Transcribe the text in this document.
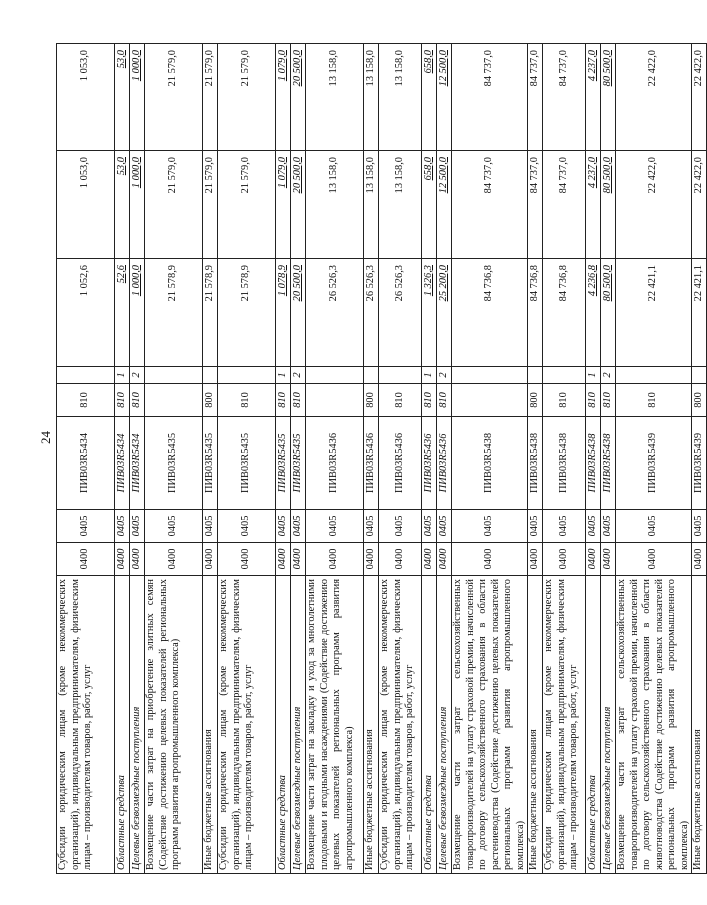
24
Субсидии юридическим лицам (кроме некоммерческих организаций), индивидуальным предпринимателям, физическим лицам – производителям товаров, работ, услуг	0400	0405	ПИВ03R5434	810		1 052,6	1 053,0	1 053,0
Областные средства	0400	0405	ПИВ03R5434	810	1	52,6	53,0	53,0
Целевые безвозмездные поступления	0400	0405	ПИВ03R5434	810	2	1 000,0	1 000,0	1 000,0
Возмещение части затрат на приобретение элитных семян (Содействие достижению целевых показателей региональных программ развития агропромышленного комплекса)	0400	0405	ПИВ03R5435			21 578,9	21 579,0	21 579,0
Иные бюджетные ассигнования	0400	0405	ПИВ03R5435	800		21 578,9	21 579,0	21 579,0
Субсидии юридическим лицам (кроме некоммерческих организаций), индивидуальным предпринимателям, физическим лицам – производителям товаров, работ, услуг	0400	0405	ПИВ03R5435	810		21 578,9	21 579,0	21 579,0
Областные средства	0400	0405	ПИВ03R5435	810	1	1 078,9	1 079,0	1 079,0
Целевые безвозмездные поступления	0400	0405	ПИВ03R5435	810	2	20 500,0	20 500,0	20 500,0
Возмещение части затрат на закладку и уход за многолетними плодовыми и ягодными насаждениями (Содействие достижению целевых показателей региональных программ развития агропромышленного комплекса)	0400	0405	ПИВ03R5436			26 526,3	13 158,0	13 158,0
Иные бюджетные ассигнования	0400	0405	ПИВ03R5436	800		26 526,3	13 158,0	13 158,0
Субсидии юридическим лицам (кроме некоммерческих организаций), индивидуальным предпринимателям, физическим лицам – производителям товаров, работ, услуг	0400	0405	ПИВ03R5436	810		26 526,3	13 158,0	13 158,0
Областные средства	0400	0405	ПИВ03R5436	810	1	1 326,3	658,0	658,0
Целевые безвозмездные поступления	0400	0405	ПИВ03R5436	810	2	25 200,0	12 500,0	12 500,0
Возмещение части затрат сельскохозяйственных товаропроизводителей на уплату страховой премии, начисленной по договору сельскохозяйственного страхования в области растениеводства (Содействие достижению целевых показателей региональных программ развития агропромышленного комплекса)	0400	0405	ПИВ03R5438			84 736,8	84 737,0	84 737,0
Иные бюджетные ассигнования	0400	0405	ПИВ03R5438	800		84 736,8	84 737,0	84 737,0
Субсидии юридическим лицам (кроме некоммерческих организаций), индивидуальным предпринимателям, физическим лицам – производителям товаров, работ, услуг	0400	0405	ПИВ03R5438	810		84 736,8	84 737,0	84 737,0
Областные средства	0400	0405	ПИВ03R5438	810	1	4 236,8	4 237,0	4 237,0
Целевые безвозмездные поступления	0400	0405	ПИВ03R5438	810	2	80 500,0	80 500,0	80 500,0
Возмещение части затрат сельскохозяйственных товаропроизводителей на уплату страховой премии, начисленной по договору сельскохозяйственного страхования в области животноводства (Содействие достижению целевых показателей региональных программ развития агропромышленного комплекса)	0400	0405	ПИВ03R5439	810		22 421,1	22 422,0	22 422,0
Иные бюджетные ассигнования	0400	0405	ПИВ03R5439	800		22 421,1	22 422,0	22 422,0
